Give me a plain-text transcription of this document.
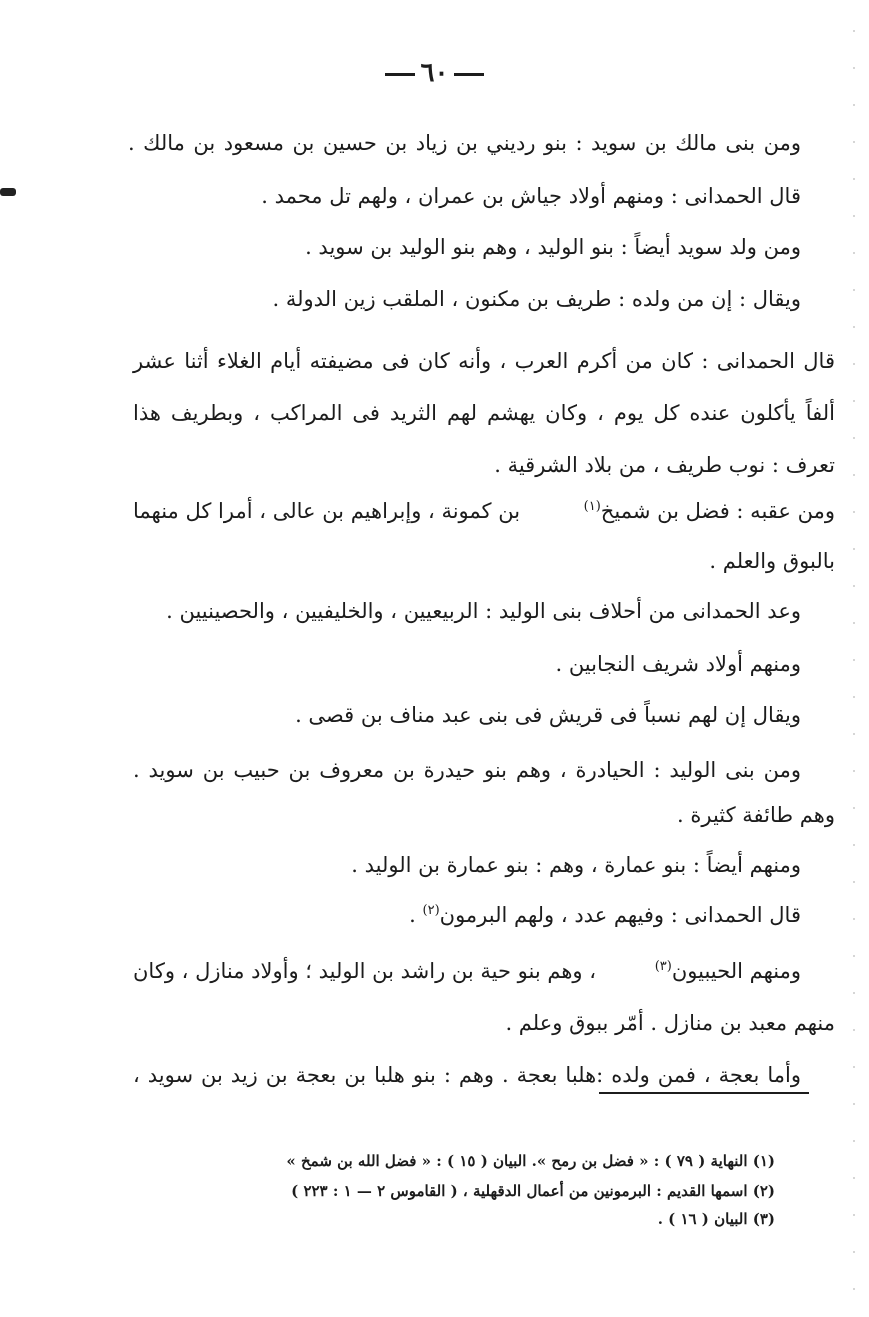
٦٠
ومن بنى مالك بن سويد : بنو رديني بن زياد بن حسين بن مسعود بن مالك .
قال الحمدانى : ومنهم أولاد جياش بن عمران ، ولهم تل محمد .
ومن ولد سويد أيضاً : بنو الوليد ، وهم بنو الوليد بن سويد .
ويقال : إن من ولده : طريف بن مكنون ، الملقب زين الدولة .
قال الحمدانى : كان من أكرم العرب ، وأنه كان فى مضيفته أيام الغلاء أثنا عشر
ألفاً يأكلون عنده كل يوم ، وكان يهشم لهم الثريد فى المراكب ، وبطريف هذا
تعرف : نوب طريف ، من بلاد الشرقية .
ومن عقبه : فضل بن شميخ$^{(١)}$
بن كمونة ، وإبراهيم بن عالى ، أمرا كل منهما
بالبوق والعلم .
وعد الحمدانى من أحلاف بنى الوليد : الربيعيين ، والخليفيين ، والحصينيين .
ومنهم أولاد شريف النجابين .
ويقال إن لهم نسباً فى قريش فى بنى عبد مناف بن قصى .
ومن بنى الوليد : الحيادرة ، وهم بنو حيدرة بن معروف بن حبيب بن سويد .
وهم طائفة كثيرة .
ومنهم أيضاً : بنو عمارة ، وهم : بنو عمارة بن الوليد .
قال الحمدانى : وفيهم عدد ، ولهم البرمون$^{(٢)}$ .
ومنهم الحيبيون$^{(٣)}$
، وهم بنو حية بن راشد بن الوليد ؛ وأولاد منازل ، وكان
منهم معبد بن منازل . أمّر ببوق وعلم .
وأما بعجة ، فمن ولده :هلبا بعجة . وهم : بنو هلبا بن بعجة بن زيد بن سويد ،
(١) النهاية ( ٧٩ ) : « فضل بن رمح ». البيان ( ١٥ ) : « فضل الله بن شمخ »
(٢) اسمها القديم : البرمونين من أعمال الدقهلية ، ( القاموس ٢ — ١ : ٢٢٣ )
(٣) البيان ( ١٦ ) .
